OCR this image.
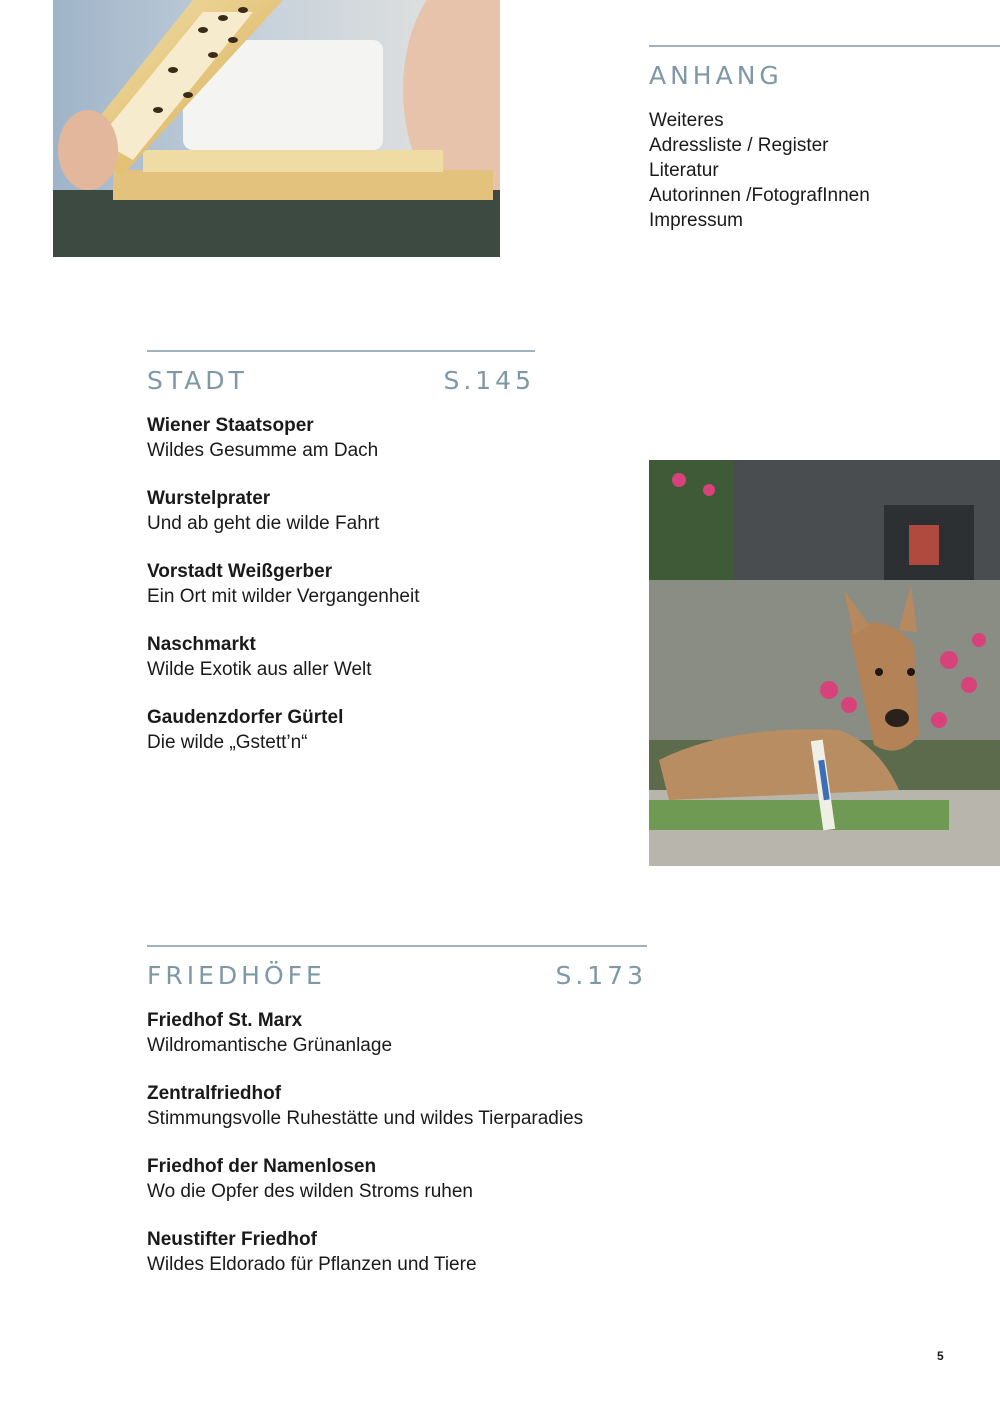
ANHANG
Weiteres
Adressliste / Register
Literatur
Autorinnen /FotografInnen
Impressum
STADT	S.145
Wiener Staatsoper
Wildes Gesumme am Dach
Wurstelprater
Und ab geht die wilde Fahrt
Vorstadt Weißgerber
Ein Ort mit wilder Vergangenheit
Naschmarkt
Wilde Exotik aus aller Welt
Gaudenzdorfer Gürtel
Die wilde „Gstett’n“
FRIEDHÖFE	S.173
Friedhof St. Marx
Wildromantische Grünanlage
Zentralfriedhof
Stimmungsvolle Ruhestätte und wildes Tierparadies
Friedhof der Namenlosen
Wo die Opfer des wilden Stroms ruhen
Neustifter Friedhof
Wildes Eldorado für Pflanzen und Tiere
5
